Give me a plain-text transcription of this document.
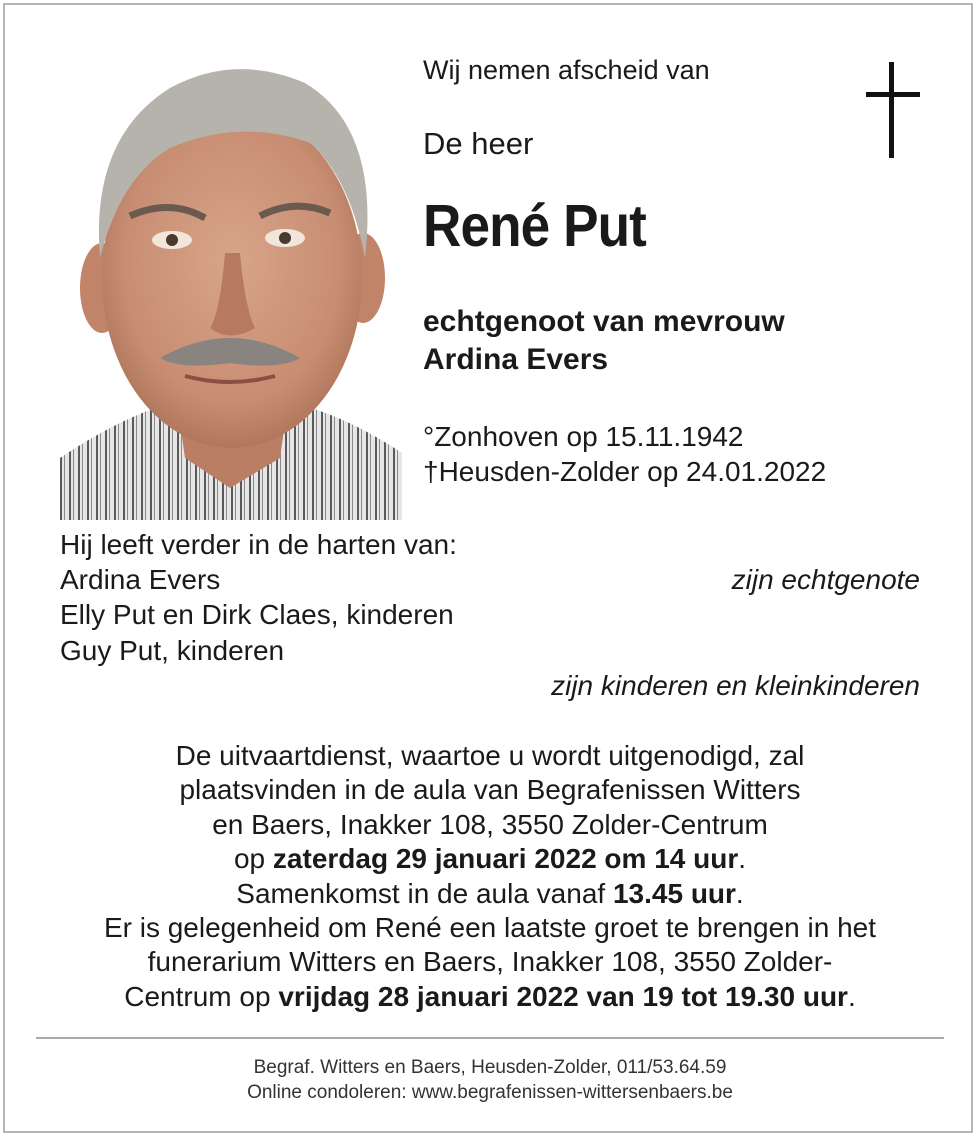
Wij nemen afscheid van
De heer
René Put
echtgenoot van mevrouw
Ardina Evers
°Zonhoven op 15.11.1942
†Heusden-Zolder op 24.01.2022
Hij leeft verder in de harten van:
Ardina Evers
Elly Put en Dirk Claes, kinderen
Guy Put, kinderen
zijn echtgenote
zijn kinderen en kleinkinderen
De uitvaartdienst, waartoe u wordt uitgenodigd, zal
plaatsvinden in de aula van Begrafenissen Witters
en Baers, Inakker 108, 3550 Zolder-Centrum
op zaterdag 29 januari 2022 om 14 uur.
Samenkomst in de aula vanaf 13.45 uur.
Er is gelegenheid om René een laatste groet te brengen in het
funerarium Witters en Baers, Inakker 108, 3550 Zolder-
Centrum op vrijdag 28 januari 2022 van 19 tot 19.30 uur.
Begraf. Witters en Baers, Heusden-Zolder, 011/53.64.59
Online condoleren: www.begrafenissen-wittersenbaers.be
